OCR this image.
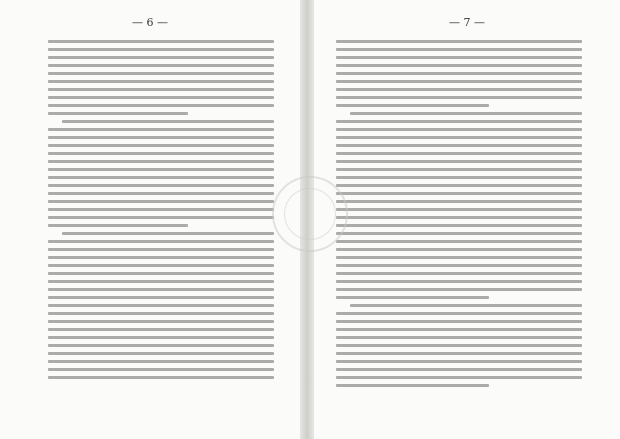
— 6 —	— 7 —
